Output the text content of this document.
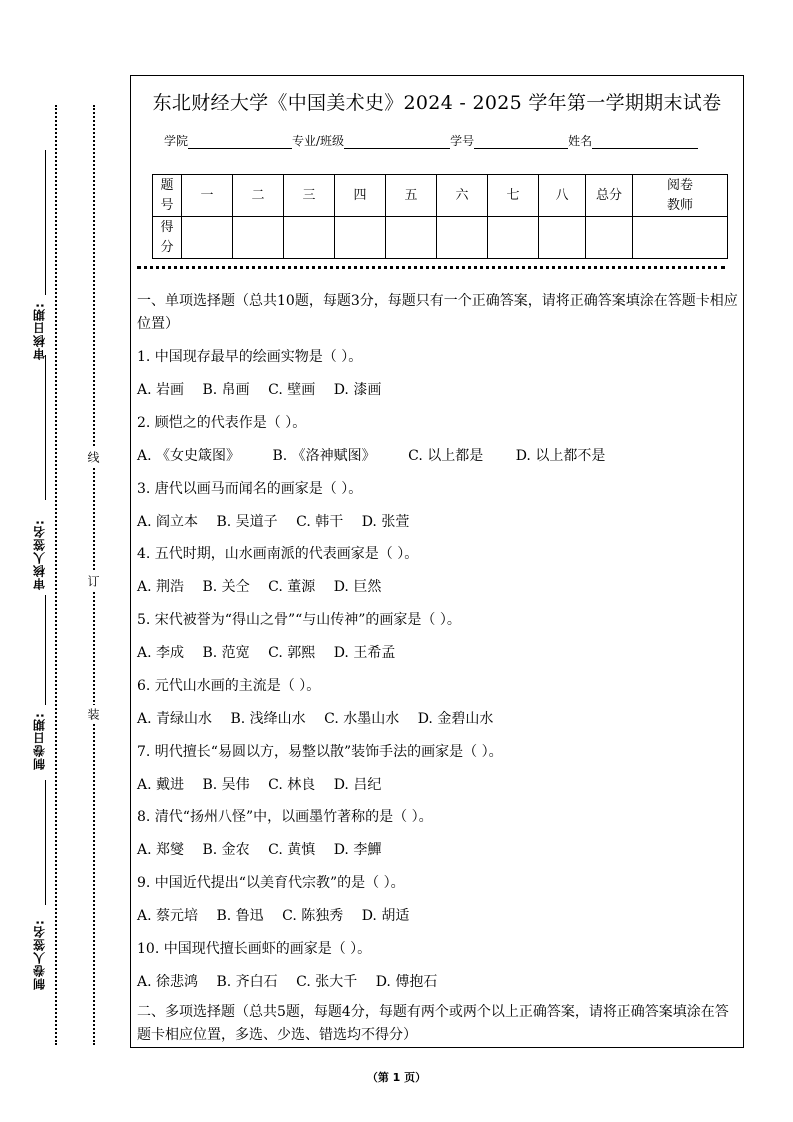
线
订
装
审核日期:
审核人签名:
制卷日期:
制卷人签名:
东北财经大学《中国美术史》2024 - 2025 学年第一学期期末试卷
学院	专业/班级	学号	姓名
题号	一	二	三	四	五	六	七	八	总分	阅卷教师
得分										
一、单项选择题（总共10题，每题3分，每题只有一个正确答案，请将正确答案填涂在答题卡相应位置）
1. 中国现存最早的绘画实物是（ ）。
A. 岩画 B. 帛画 C. 壁画 D. 漆画
2. 顾恺之的代表作是（ ）。
A. 《女史箴图》 B. 《洛神赋图》 C. 以上都是 D. 以上都不是
3. 唐代以画马而闻名的画家是（ ）。
A. 阎立本 B. 吴道子 C. 韩干 D. 张萱
4. 五代时期，山水画南派的代表画家是（ ）。
A. 荆浩 B. 关仝 C. 董源 D. 巨然
5. 宋代被誉为“得山之骨”“与山传神”的画家是（ ）。
A. 李成 B. 范宽 C. 郭熙 D. 王希孟
6. 元代山水画的主流是（ ）。
A. 青绿山水 B. 浅绛山水 C. 水墨山水 D. 金碧山水
7. 明代擅长“易圆以方，易整以散”装饰手法的画家是（ ）。
A. 戴进 B. 吴伟 C. 林良 D. 吕纪
8. 清代“扬州八怪”中，以画墨竹著称的是（ ）。
A. 郑燮 B. 金农 C. 黄慎 D. 李鱓
9. 中国近代提出“以美育代宗教”的是（ ）。
A. 蔡元培 B. 鲁迅 C. 陈独秀 D. 胡适
10. 中国现代擅长画虾的画家是（ ）。
A. 徐悲鸿 B. 齐白石 C. 张大千 D. 傅抱石
二、多项选择题（总共5题，每题4分，每题有两个或两个以上正确答案，请将正确答案填涂在答题卡相应位置，多选、少选、错选均不得分）
（第 1 页）
